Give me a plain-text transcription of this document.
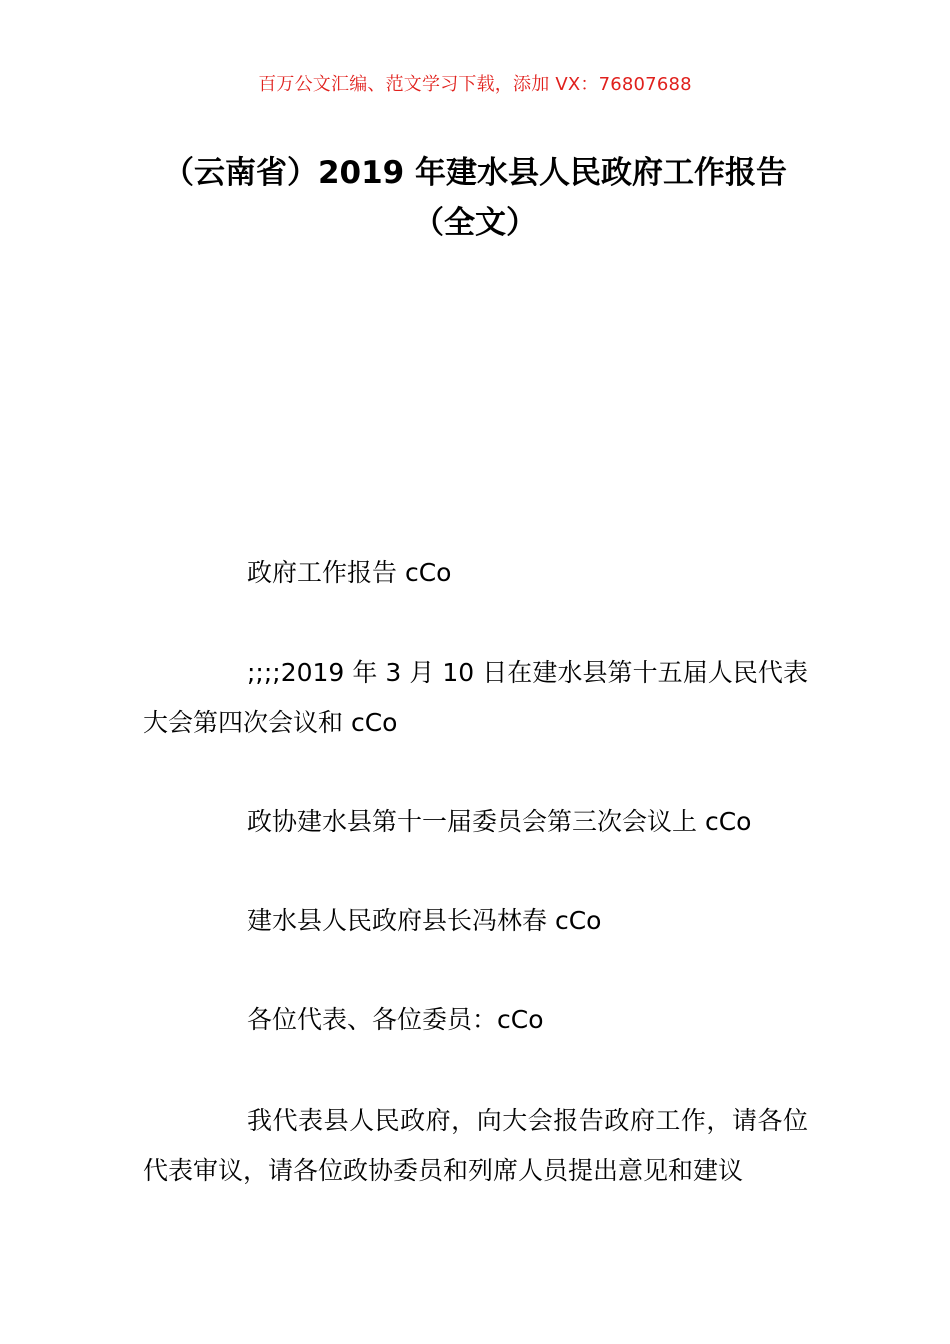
百万公文汇编、范文学习下载，添加 VX：76807688
（云南省）2019 年建水县人民政府工作报告（全文）

政府工作报告 cCo

;;;;2019 年 3 月 10 日在建水县第十五届人民代表大会第四次会议和 cCo

政协建水县第十一届委员会第三次会议上 cCo

建水县人民政府县长冯林春 cCo

各位代表、各位委员：cCo

我代表县人民政府，向大会报告政府工作，请各位代表审议，请各位政协委员和列席人员提出意见和建议
